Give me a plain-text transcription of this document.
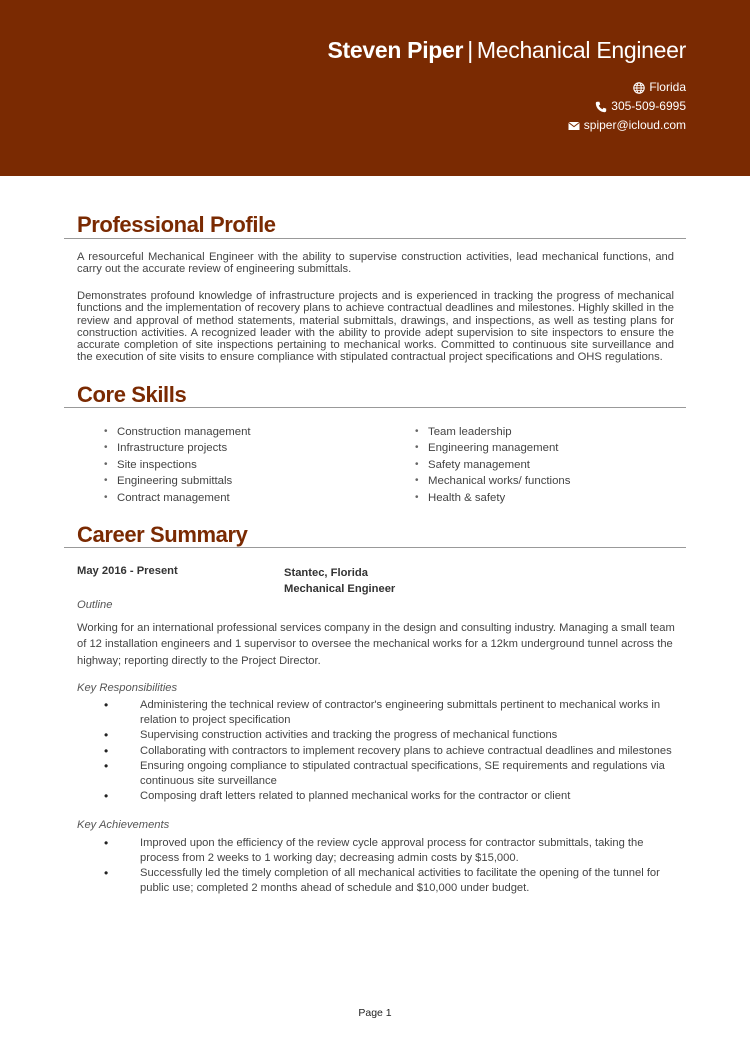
Steven Piper | Mechanical Engineer
Florida
305-509-6995
spiper@icloud.com
Professional Profile

A resourceful Mechanical Engineer with the ability to supervise construction activities, lead mechanical functions, and carry out the accurate review of engineering submittals.

Demonstrates profound knowledge of infrastructure projects and is experienced in tracking the progress of mechanical functions and the implementation of recovery plans to achieve contractual deadlines and milestones. Highly skilled in the review and approval of method statements, material submittals, drawings, and inspections, as well as testing plans for construction activities. A recognized leader with the ability to provide adept supervision to site inspectors to ensure the accurate completion of site inspections pertaining to mechanical works. Committed to continuous site surveillance and the execution of site visits to ensure compliance with stipulated contractual project specifications and OHS regulations.

Core Skills
• Construction management
• Infrastructure projects
• Site inspections
• Engineering submittals
• Contract management
• Team leadership
• Engineering management
• Safety management
• Mechanical works/ functions
• Health & safety
Career Summary
May 2016 - Present	Stantec, Florida
Mechanical Engineer
Outline

Working for an international professional services company in the design and consulting industry. Managing a small team of 12 installation engineers and 1 supervisor to oversee the mechanical works for a 12km underground tunnel across the highway; reporting directly to the Project Director.

Key Responsibilities
• Administering the technical review of contractor's engineering submittals pertinent to mechanical works in relation to project specification
• Supervising construction activities and tracking the progress of mechanical functions
• Collaborating with contractors to implement recovery plans to achieve contractual deadlines and milestones
• Ensuring ongoing compliance to stipulated contractual specifications, SE requirements and regulations via continuous site surveillance
• Composing draft letters related to planned mechanical works for the contractor or client
Key Achievements
• Improved upon the efficiency of the review cycle approval process for contractor submittals, taking the process from 2 weeks to 1 working day; decreasing admin costs by $15,000.
• Successfully led the timely completion of all mechanical activities to facilitate the opening of the tunnel for public use; completed 2 months ahead of schedule and $10,000 under budget.
Page 1
